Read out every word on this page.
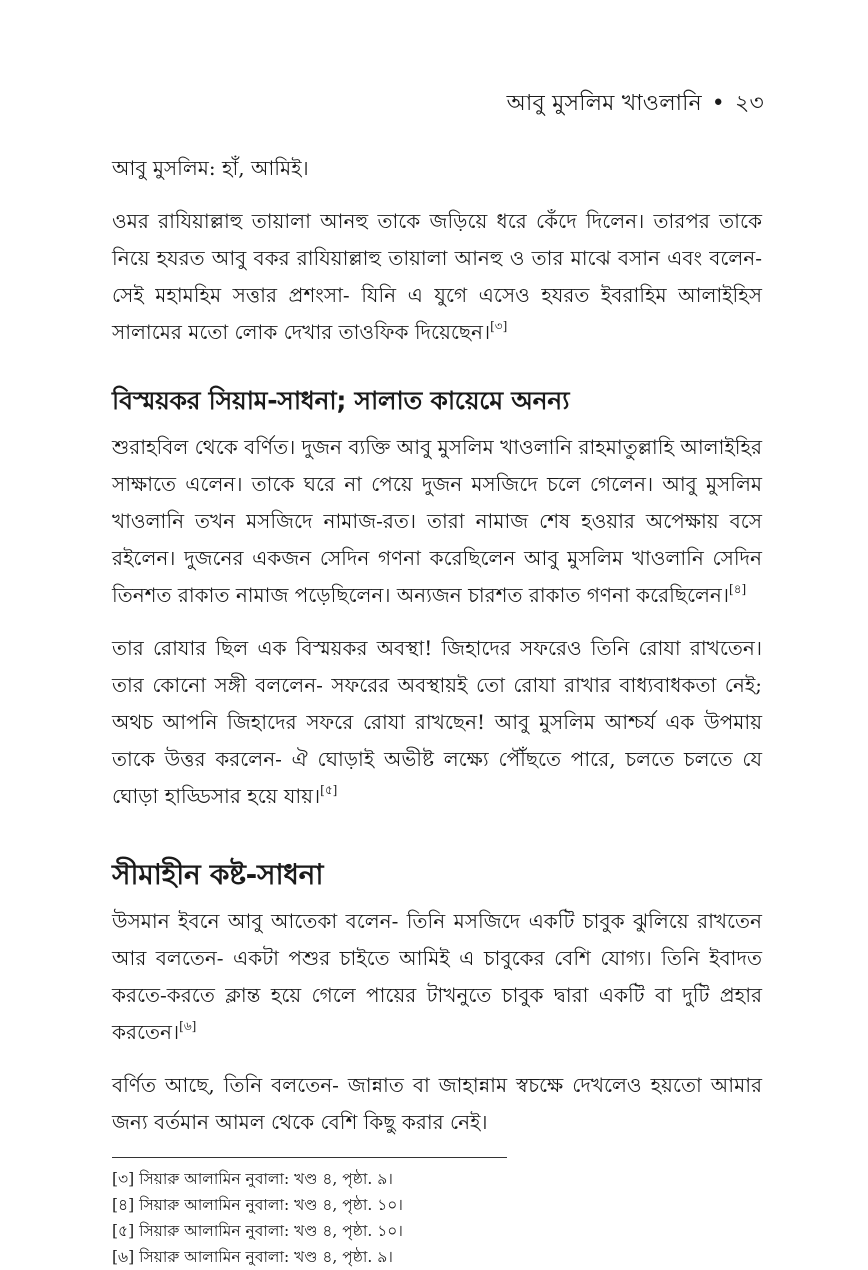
আবু মুসলিম খাওলানি • ২৩

আবু মুসলিম: হাঁ, আমিই।

ওমর রাযিয়াল্লাহু তায়ালা আনহু তাকে জড়িয়ে ধরে কেঁদে দিলেন। তারপর তাকে নিয়ে হযরত আবু বকর রাযিয়াল্লাহু তায়ালা আনহু ও তার মাঝে বসান এবং বলেন- সেই মহামহিম সত্তার প্রশংসা- যিনি এ যুগে এসেও হযরত ইবরাহিম আলাইহিস সালামের মতো লোক দেখার তাওফিক দিয়েছেন।[৩]

বিস্ময়কর সিয়াম-সাধনা; সালাত কায়েমে অনন্য

শুরাহবিল থেকে বর্ণিত। দুজন ব্যক্তি আবু মুসলিম খাওলানি রাহমাতুল্লাহি আলাইহির সাক্ষাতে এলেন। তাকে ঘরে না পেয়ে দুজন মসজিদে চলে গেলেন। আবু মুসলিম খাওলানি তখন মসজিদে নামাজ-রত। তারা নামাজ শেষ হওয়ার অপেক্ষায় বসে রইলেন। দুজনের একজন সেদিন গণনা করেছিলেন আবু মুসলিম খাওলানি সেদিন তিনশত রাকাত নামাজ পড়েছিলেন। অন্যজন চারশত রাকাত গণনা করেছিলেন।[৪]

তার রোযার ছিল এক বিস্ময়কর অবস্থা! জিহাদের সফরেও তিনি রোযা রাখতেন। তার কোনো সঙ্গী বললেন- সফরের অবস্থায়ই তো রোযা রাখার বাধ্যবাধকতা নেই; অথচ আপনি জিহাদের সফরে রোযা রাখছেন! আবু মুসলিম আশ্চর্য এক উপমায় তাকে উত্তর করলেন- ঐ ঘোড়াই অভীষ্ট লক্ষ্যে পৌঁছতে পারে, চলতে চলতে যে ঘোড়া হাড্ডিসার হয়ে যায়।[৫]

সীমাহীন কষ্ট-সাধনা

উসমান ইবনে আবু আতেকা বলেন- তিনি মসজিদে একটি চাবুক ঝুলিয়ে রাখতেন আর বলতেন- একটা পশুর চাইতে আমিই এ চাবুকের বেশি যোগ্য। তিনি ইবাদত করতে-করতে ক্লান্ত হয়ে গেলে পায়ের টাখনুতে চাবুক দ্বারা একটি বা দুটি প্রহার করতেন।[৬]

বর্ণিত আছে, তিনি বলতেন- জান্নাত বা জাহান্নাম স্বচক্ষে দেখলেও হয়তো আমার জন্য বর্তমান আমল থেকে বেশি কিছু করার নেই।

[৩] সিয়ারু আলামিন নুবালা: খণ্ড ৪, পৃষ্ঠা. ৯।
[৪] সিয়ারু আলামিন নুবালা: খণ্ড ৪, পৃষ্ঠা. ১০।
[৫] সিয়ারু আলামিন নুবালা: খণ্ড ৪, পৃষ্ঠা. ১০।
[৬] সিয়ারু আলামিন নুবালা: খণ্ড ৪, পৃষ্ঠা. ৯।
